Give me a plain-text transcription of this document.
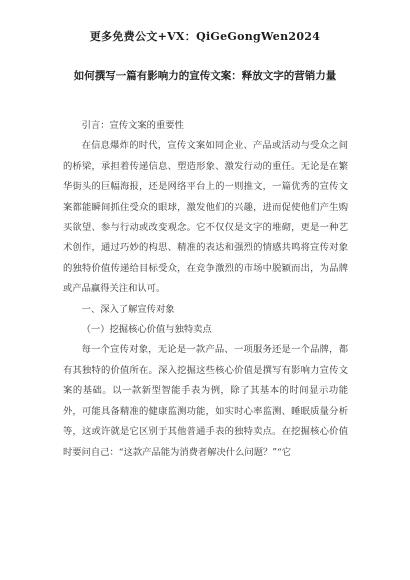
更多免费公文+VX：QiGeGongWen2024
如何撰写一篇有影响力的宣传文案：释放文字的营销力量

引言：宣传文案的重要性

在信息爆炸的时代，宣传文案如同企业、产品或活动与受众之间的桥梁，承担着传递信息、塑造形象、激发行动的重任。无论是在繁华街头的巨幅海报，还是网络平台上的一则推文，一篇优秀的宣传文案都能瞬间抓住受众的眼球，激发他们的兴趣，进而促使他们产生购买欲望、参与行动或改变观念。它不仅仅是文字的堆砌，更是一种艺术创作，通过巧妙的构思、精准的表达和强烈的情感共鸣将宣传对象的独特价值传递给目标受众，在竞争激烈的市场中脱颖而出，为品牌或产品赢得关注和认可。

一、深入了解宣传对象

（一）挖掘核心价值与独特卖点

每一个宣传对象，无论是一款产品、一项服务还是一个品牌，都有其独特的价值所在。深入挖掘这些核心价值是撰写有影响力宣传文案的基础。以一款新型智能手表为例，除了其基本的时间显示功能外，可能具备精准的健康监测功能，如实时心率监测、睡眠质量分析等，这或许就是它区别于其他普通手表的独特卖点。在挖掘核心价值时要问自己：“这款产品能为消费者解决什么问题？”“它
